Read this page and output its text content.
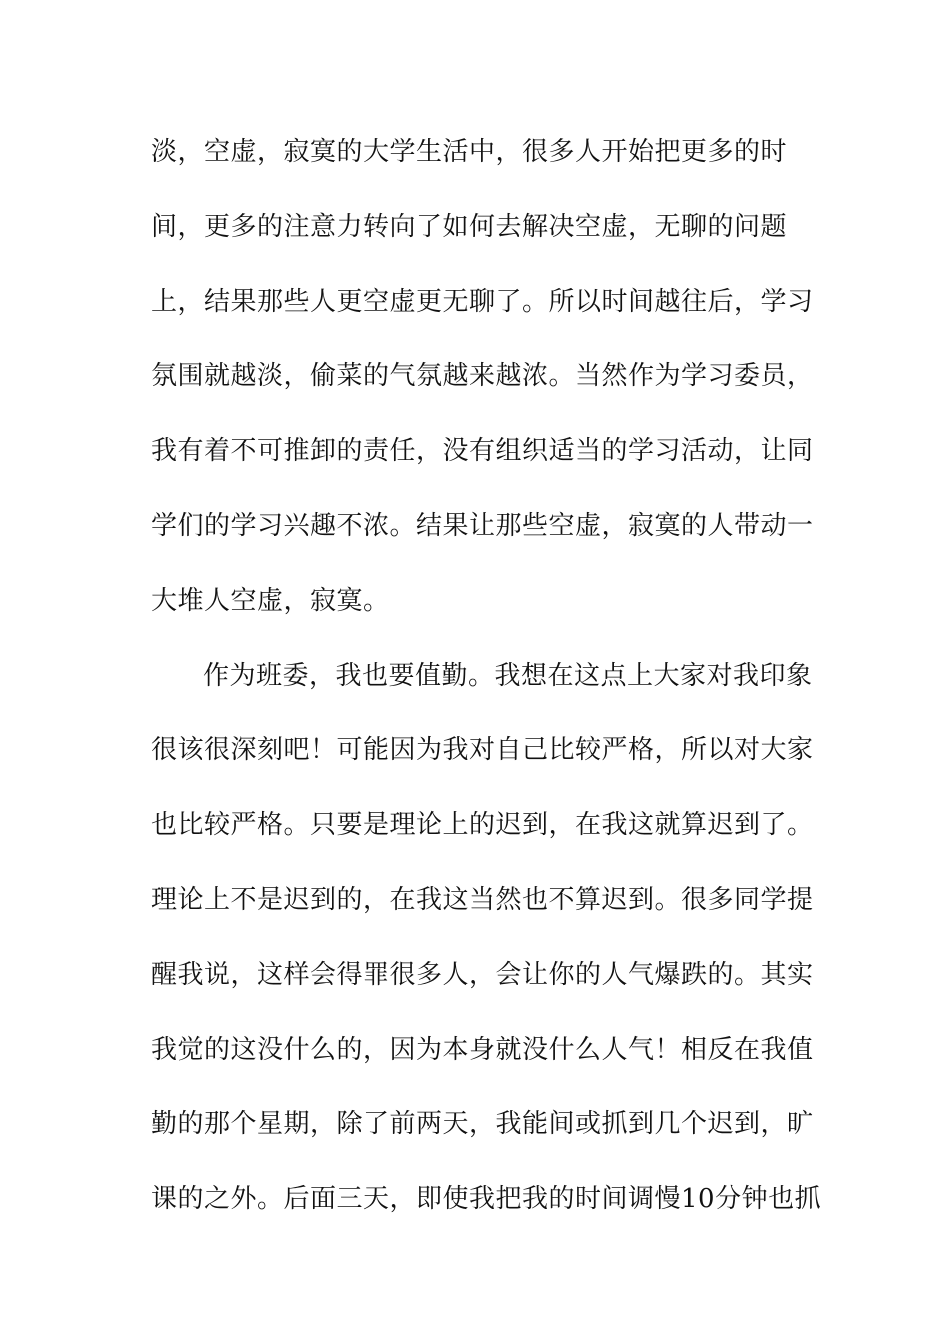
淡，空虚，寂寞的大学生活中，很多人开始把更多的时
间，更多的注意力转向了如何去解决空虚，无聊的问题
上，结果那些人更空虚更无聊了。所以时间越往后，学习
氛围就越淡，偷菜的气氛越来越浓。当然作为学习委员，
我有着不可推卸的责任，没有组织适当的学习活动，让同
学们的学习兴趣不浓。结果让那些空虚，寂寞的人带动一
大堆人空虚，寂寞。
作为班委，我也要值勤。我想在这点上大家对我印象
很该很深刻吧！可能因为我对自己比较严格，所以对大家
也比较严格。只要是理论上的迟到，在我这就算迟到了。
理论上不是迟到的，在我这当然也不算迟到。很多同学提
醒我说，这样会得罪很多人，会让你的人气爆跌的。其实
我觉的这没什么的，因为本身就没什么人气！相反在我值
勤的那个星期，除了前两天，我能间或抓到几个迟到，旷
课的之外。后面三天，即使我把我的时间调慢10分钟也抓
